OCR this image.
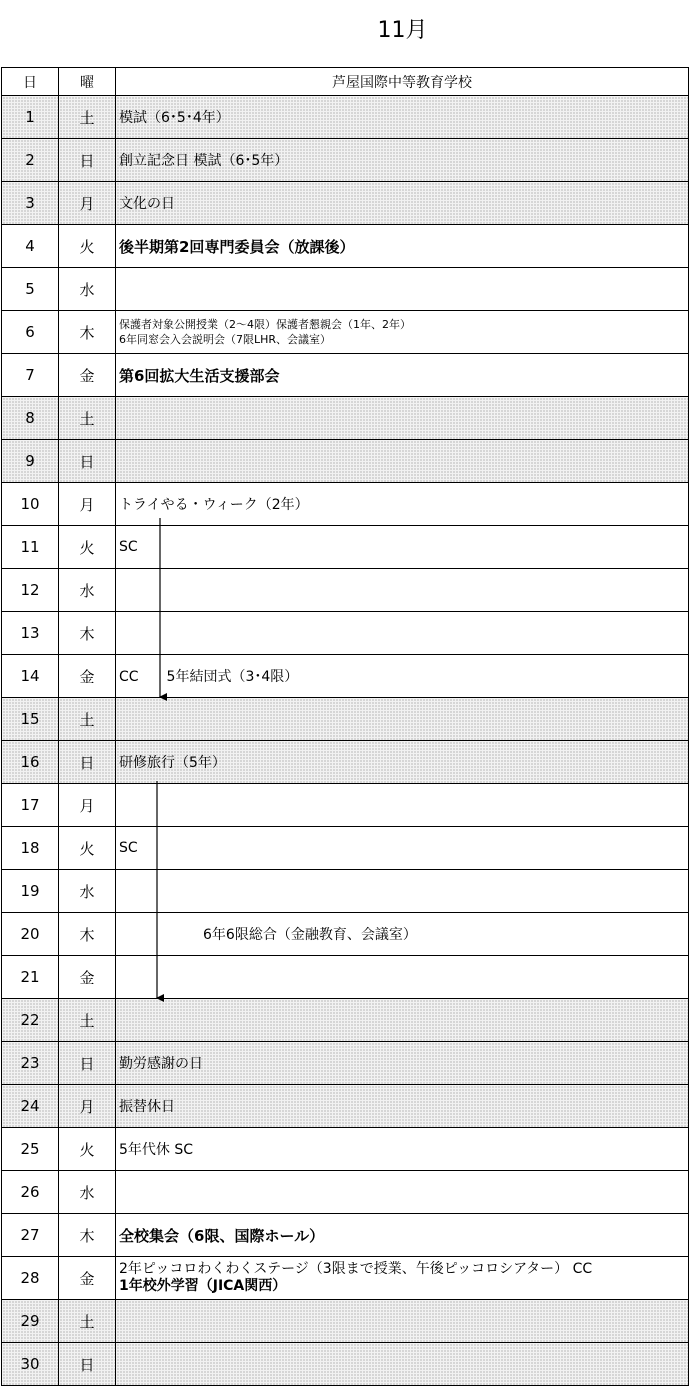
11月
日	曜	芦屋国際中等教育学校
1	土	模試（6･5･4年）

2	日	創立記念日 模試（6･5年）

3	月	文化の日

4	火	後半期第2回専門委員会（放課後）

5	水	
6	木	保護者対象公開授業（2～4限）保護者懇親会（1年、2年）
6年同窓会入会説明会（7限LHR、会議室）

7	金	第6回拡大生活支援部会

8	土	
9	日	
10	月	トライやる・ウィーク（2年）

11	火	SC

12	水	
13	木	
14	金	CC　　5年結団式（3･4限）

15	土	
16	日	研修旅行（5年）

17	月	
18	火	SC

19	水	
20	木	　　　　　　6年6限総合（金融教育、会議室）

21	金	
22	土	
23	日	勤労感謝の日

24	月	振替休日

25	火	5年代休 SC

26	水	
27	木	全校集会（6限、国際ホール）

28	金	2年ピッコロわくわくステージ（3限まで授業、午後ピッコロシアター） CC
1年校外学習（JICA関西）

29	土	
30	日	
